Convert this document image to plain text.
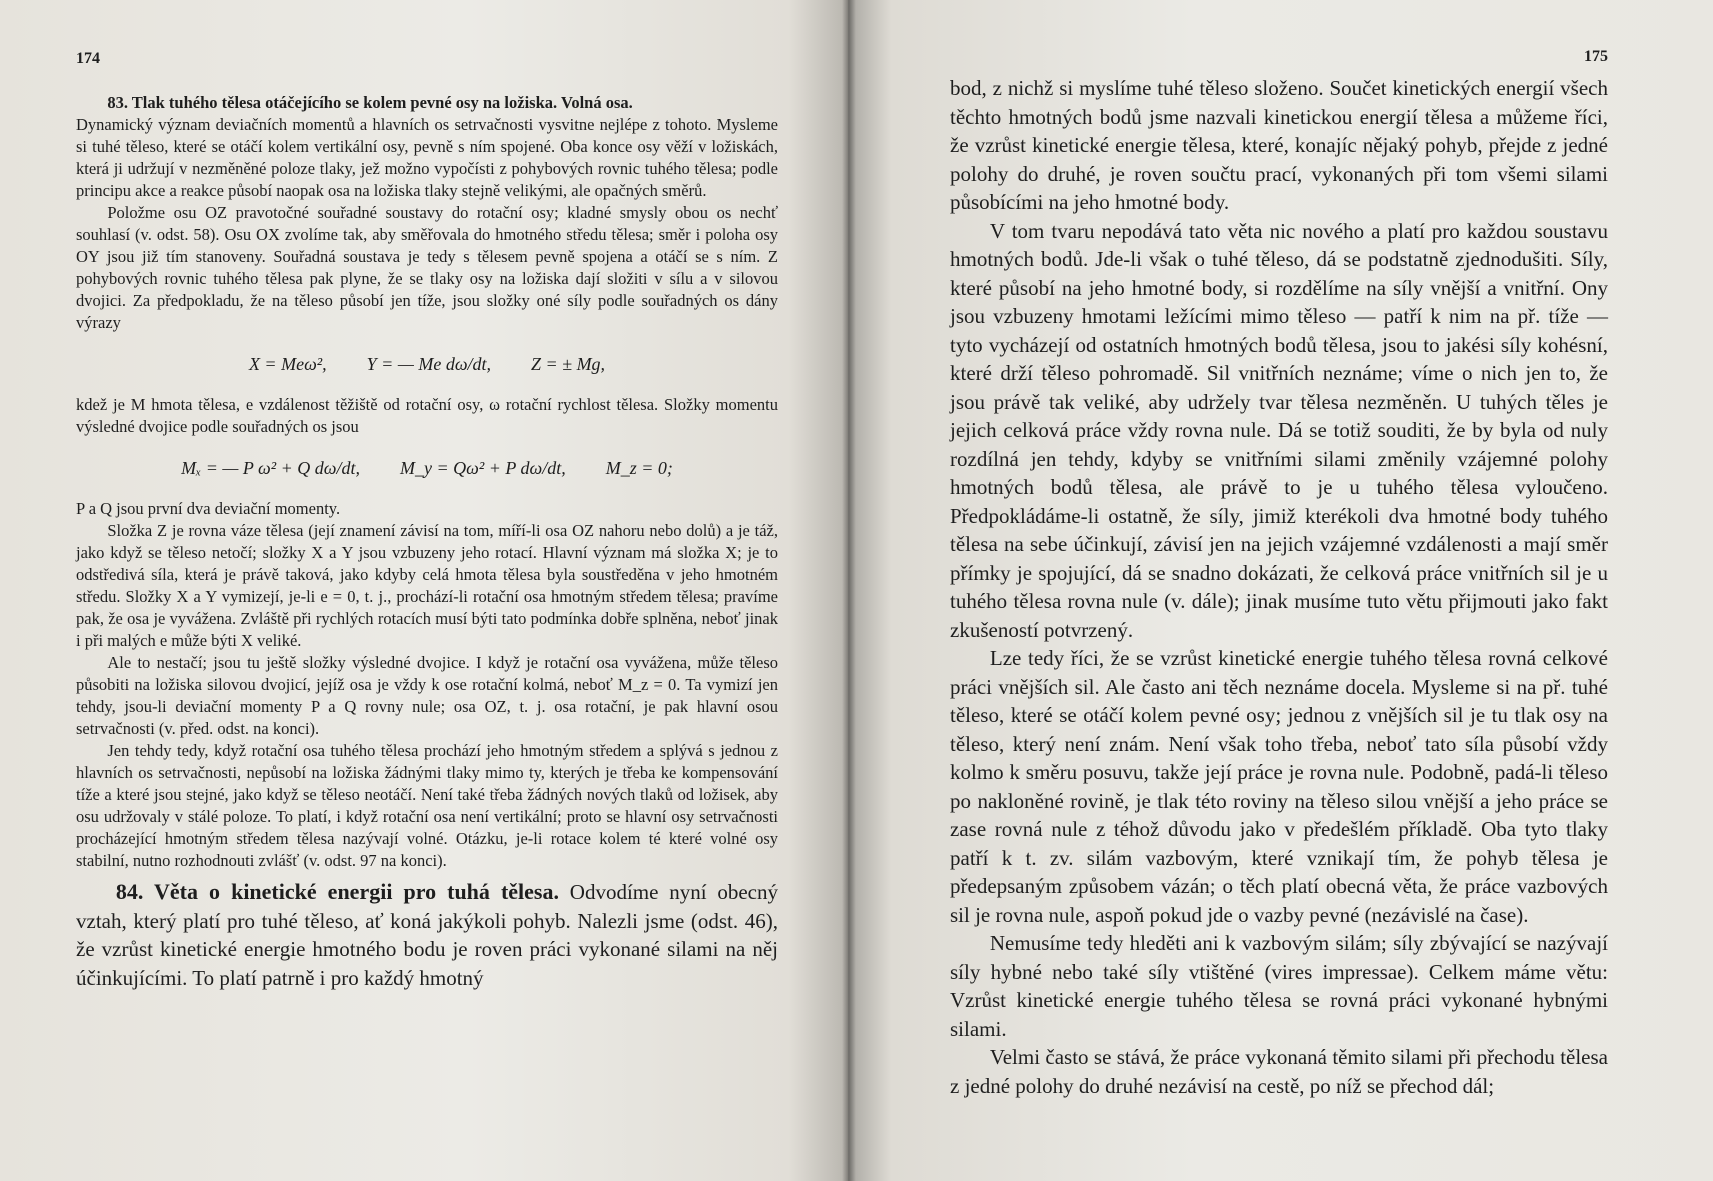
174

83. Tlak tuhého tělesa otáčejícího se kolem pevné osy na ložiska. Volná osa.

Dynamický význam deviačních momentů a hlavních os setrvačnosti vysvitne nejlépe z tohoto. Mysleme si tuhé těleso, které se otáčí kolem vertikální osy, pevně s ním spojené. Oba konce osy věží v ložiskách, která ji udržují v nezměněné poloze tlaky, jež možno vypočísti z pohybových rovnic tuhého tělesa; podle principu akce a reakce působí naopak osa na ložiska tlaky stejně velikými, ale opačných směrů.

Položme osu OZ pravotočné souřadné soustavy do rotační osy; kladné smysly obou os nechť souhlasí (v. odst. 58). Osu OX zvolíme tak, aby směřovala do hmotného středu tělesa; směr i poloha osy OY jsou již tím stanoveny. Souřadná soustava je tedy s tělesem pevně spojena a otáčí se s ním. Z pohybových rovnic tuhého tělesa pak plyne, že se tlaky osy na ložiska dají složiti v sílu a v silovou dvojici. Za předpokladu, že na těleso působí jen tíže, jsou složky oné síly podle souřadných os dány výrazy

X = Meω², Y = — Me dω/dt, Z = ± Mg,

kdež je M hmota tělesa, e vzdálenost těžiště od rotační osy, ω rotační rychlost tělesa. Složky momentu výsledné dvojice podle souřadných os jsou

Mₓ = — P ω² + Q dω/dt, M_y = Qω² + P dω/dt, M_z = 0;

P a Q jsou první dva deviační momenty.

Složka Z je rovna váze tělesa (její znamení závisí na tom, míří-li osa OZ nahoru nebo dolů) a je táž, jako když se těleso netočí; složky X a Y jsou vzbuzeny jeho rotací. Hlavní význam má složka X; je to odstředivá síla, která je právě taková, jako kdyby celá hmota tělesa byla soustředěna v jeho hmotném středu. Složky X a Y vymizejí, je-li e = 0, t. j., prochází-li rotační osa hmotným středem tělesa; pravíme pak, že osa je vyvážena. Zvláště při rychlých rotacích musí býti tato podmínka dobře splněna, neboť jinak i při malých e může býti X veliké.

Ale to nestačí; jsou tu ještě složky výsledné dvojice. I když je rotační osa vyvážena, může těleso působiti na ložiska silovou dvojicí, jejíž osa je vždy k ose rotační kolmá, neboť M_z = 0. Ta vymizí jen tehdy, jsou-li deviační momenty P a Q rovny nule; osa OZ, t. j. osa rotační, je pak hlavní osou setrvačnosti (v. před. odst. na konci).

Jen tehdy tedy, když rotační osa tuhého tělesa prochází jeho hmotným středem a splývá s jednou z hlavních os setrvačnosti, nepůsobí na ložiska žádnými tlaky mimo ty, kterých je třeba ke kompensování tíže a které jsou stejné, jako když se těleso neotáčí. Není také třeba žádných nových tlaků od ložisek, aby osu udržovaly v stálé poloze. To platí, i když rotační osa není vertikální; proto se hlavní osy setrvačnosti procházející hmotným středem tělesa nazývají volné. Otázku, je-li rotace kolem té které volné osy stabilní, nutno rozhodnouti zvlášť (v. odst. 97 na konci).

84. Věta o kinetické energii pro tuhá tělesa. Odvodíme nyní obecný vztah, který platí pro tuhé těleso, ať koná jakýkoli pohyb. Nalezli jsme (odst. 46), že vzrůst kinetické energie hmotného bodu je roven práci vykonané silami na něj účinkujícími. To platí patrně i pro každý hmotný

175

bod, z nichž si myslíme tuhé těleso složeno. Součet kinetických energií všech těchto hmotných bodů jsme nazvali kinetickou energií tělesa a můžeme říci, že vzrůst kinetické energie tělesa, které, konajíc nějaký pohyb, přejde z jedné polohy do druhé, je roven součtu prací, vykonaných při tom všemi silami působícími na jeho hmotné body.

V tom tvaru nepodává tato věta nic nového a platí pro každou soustavu hmotných bodů. Jde-li však o tuhé těleso, dá se podstatně zjednodušiti. Síly, které působí na jeho hmotné body, si rozdělíme na síly vnější a vnitřní. Ony jsou vzbuzeny hmotami ležícími mimo těleso — patří k nim na př. tíže — tyto vycházejí od ostatních hmotných bodů tělesa, jsou to jakési síly kohésní, které drží těleso pohromadě. Sil vnitřních neznáme; víme o nich jen to, že jsou právě tak veliké, aby udržely tvar tělesa nezměněn. U tuhých těles je jejich celková práce vždy rovna nule. Dá se totiž souditi, že by byla od nuly rozdílná jen tehdy, kdyby se vnitřními silami změnily vzájemné polohy hmotných bodů tělesa, ale právě to je u tuhého tělesa vyloučeno. Předpokládáme-li ostatně, že síly, jimiž kterékoli dva hmotné body tuhého tělesa na sebe účinkují, závisí jen na jejich vzájemné vzdálenosti a mají směr přímky je spojující, dá se snadno dokázati, že celková práce vnitřních sil je u tuhého tělesa rovna nule (v. dále); jinak musíme tuto větu přijmouti jako fakt zkušeností potvrzený.

Lze tedy říci, že se vzrůst kinetické energie tuhého tělesa rovná celkové práci vnějších sil. Ale často ani těch neznáme docela. Mysleme si na př. tuhé těleso, které se otáčí kolem pevné osy; jednou z vnějších sil je tu tlak osy na těleso, který není znám. Není však toho třeba, neboť tato síla působí vždy kolmo k směru posuvu, takže její práce je rovna nule. Podobně, padá-li těleso po nakloněné rovině, je tlak této roviny na těleso silou vnější a jeho práce se zase rovná nule z téhož důvodu jako v předešlém příkladě. Oba tyto tlaky patří k t. zv. silám vazbovým, které vznikají tím, že pohyb tělesa je předepsaným způsobem vázán; o těch platí obecná věta, že práce vazbových sil je rovna nule, aspoň pokud jde o vazby pevné (nezávislé na čase).

Nemusíme tedy hleděti ani k vazbovým silám; síly zbývající se nazývají síly hybné nebo také síly vtištěné (vires impressae). Celkem máme větu: Vzrůst kinetické energie tuhého tělesa se rovná práci vykonané hybnými silami.

Velmi často se stává, že práce vykonaná těmito silami při přechodu tělesa z jedné polohy do druhé nezávisí na cestě, po níž se přechod dál;
